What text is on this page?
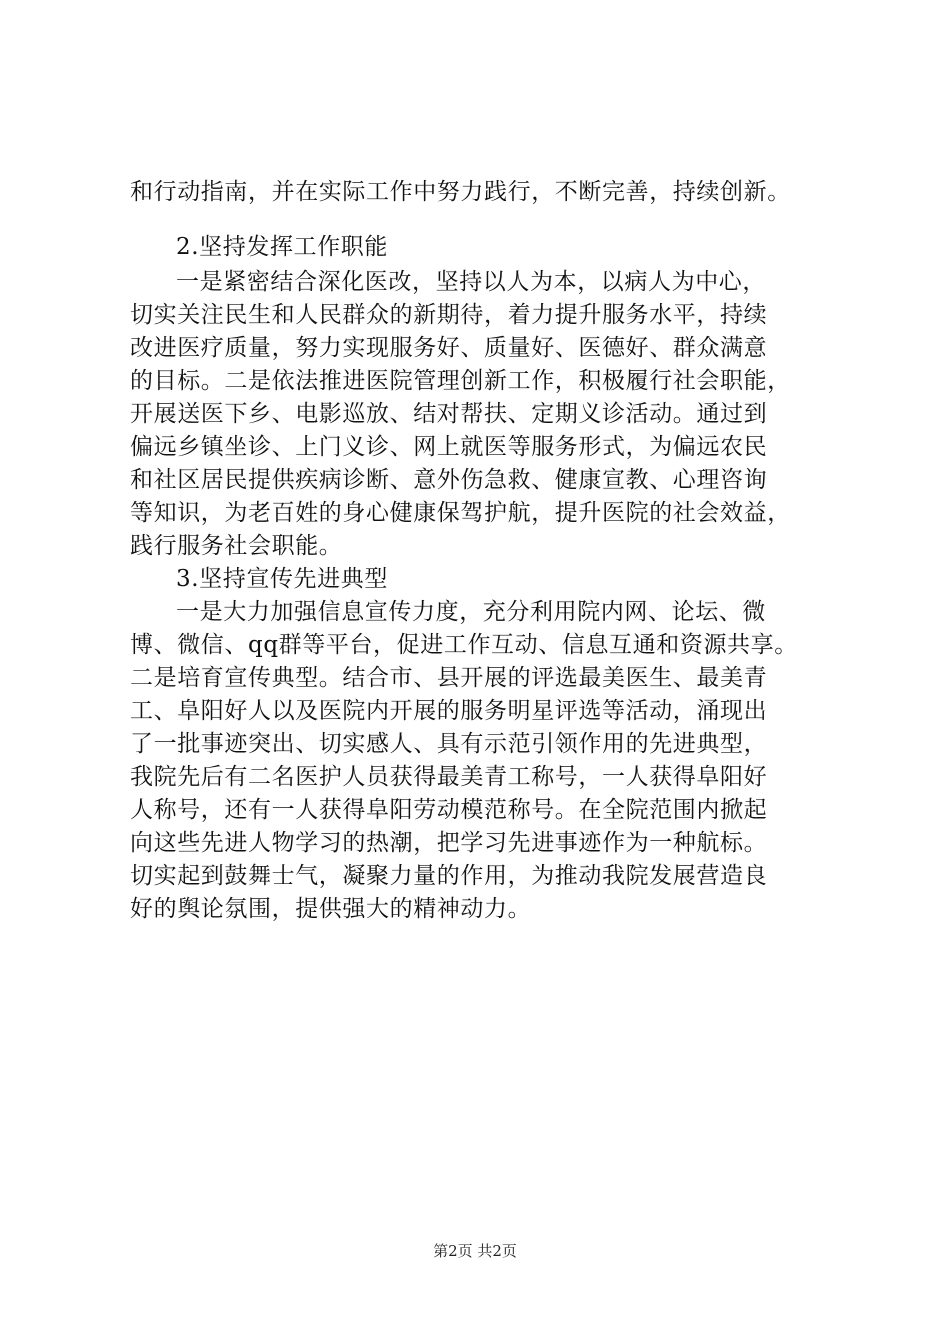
和行动指南，并在实际工作中努力践行，不断完善，持续创新。
2.坚持发挥工作职能
一是紧密结合深化医改，坚持以人为本，以病人为中心，
切实关注民生和人民群众的新期待，着力提升服务水平，持续
改进医疗质量，努力实现服务好、质量好、医德好、群众满意
的目标。二是依法推进医院管理创新工作，积极履行社会职能，
开展送医下乡、电影巡放、结对帮扶、定期义诊活动。通过到
偏远乡镇坐诊、上门义诊、网上就医等服务形式，为偏远农民
和社区居民提供疾病诊断、意外伤急救、健康宣教、心理咨询
等知识，为老百姓的身心健康保驾护航，提升医院的社会效益，
践行服务社会职能。
3.坚持宣传先进典型
一是大力加强信息宣传力度，充分利用院内网、论坛、微
博、微信、qq群等平台，促进工作互动、信息互通和资源共享。
二是培育宣传典型。结合市、县开展的评选最美医生、最美青
工、阜阳好人以及医院内开展的服务明星评选等活动，涌现出
了一批事迹突出、切实感人、具有示范引领作用的先进典型，
我院先后有二名医护人员获得最美青工称号，一人获得阜阳好
人称号，还有一人获得阜阳劳动模范称号。在全院范围内掀起
向这些先进人物学习的热潮，把学习先进事迹作为一种航标。
切实起到鼓舞士气，凝聚力量的作用，为推动我院发展营造良
好的舆论氛围，提供强大的精神动力。
第2页 共2页
